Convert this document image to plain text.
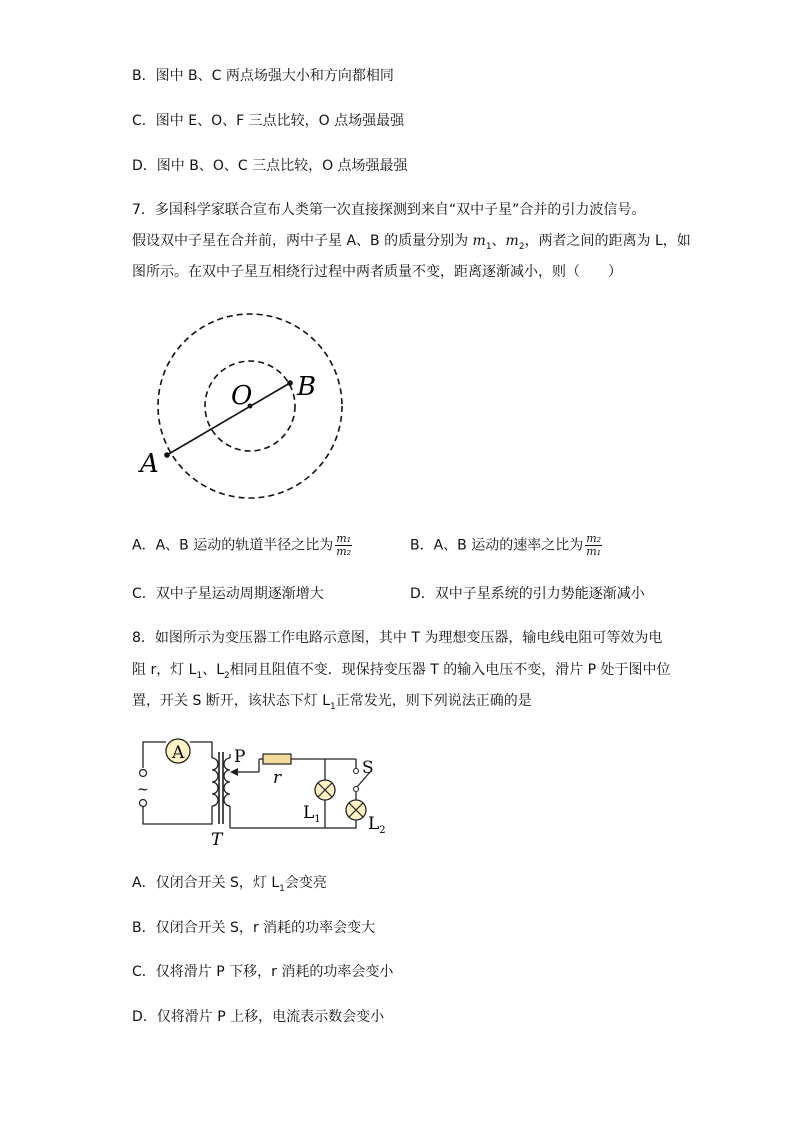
B．图中 B、C 两点场强大小和方向都相同
C．图中 E、O、F 三点比较，O 点场强最强
D．图中 B、O、C 三点比较，O 点场强最强
7．多国科学家联合宣布人类第一次直接探测到来自“双中子星”合并的引力波信号。
假设双中子星在合并前，两中子星 A、B 的质量分别为 $m_1$、$m_2$，两者之间的距离为 L，如
图所示。在双中子星互相绕行过程中两者质量不变，距离逐渐减小，则（　　）
O B
A
A．A、B 运动的轨道半径之比为 $\frac{\text{m₁}}{\text{m₂}}$	B．A、B 运动的速率之比为 $\frac{\text{m₂}}{\text{m₁}}$
C．双中子星运动周期逐渐增大	D．双中子星系统的引力势能逐渐减小
8．如图所示为变压器工作电路示意图，其中 T 为理想变压器，输电线电阻可等效为电
阻 r，灯 $L_1$、$L_2$相同且阻值不变．现保持变压器 T 的输入电压不变，滑片 P 处于图中位
置，开关 S 断开，该状态下灯 $L_1$正常发光，则下列说法正确的是
A
~
T
P
r
$L_1$
S
$L_2$
A．仅闭合开关 S，灯 $L_1$会变亮
B．仅闭合开关 S，r 消耗的功率会变大
C．仅将滑片 P 下移，r 消耗的功率会变小
D．仅将滑片 P 上移，电流表示数会变小
